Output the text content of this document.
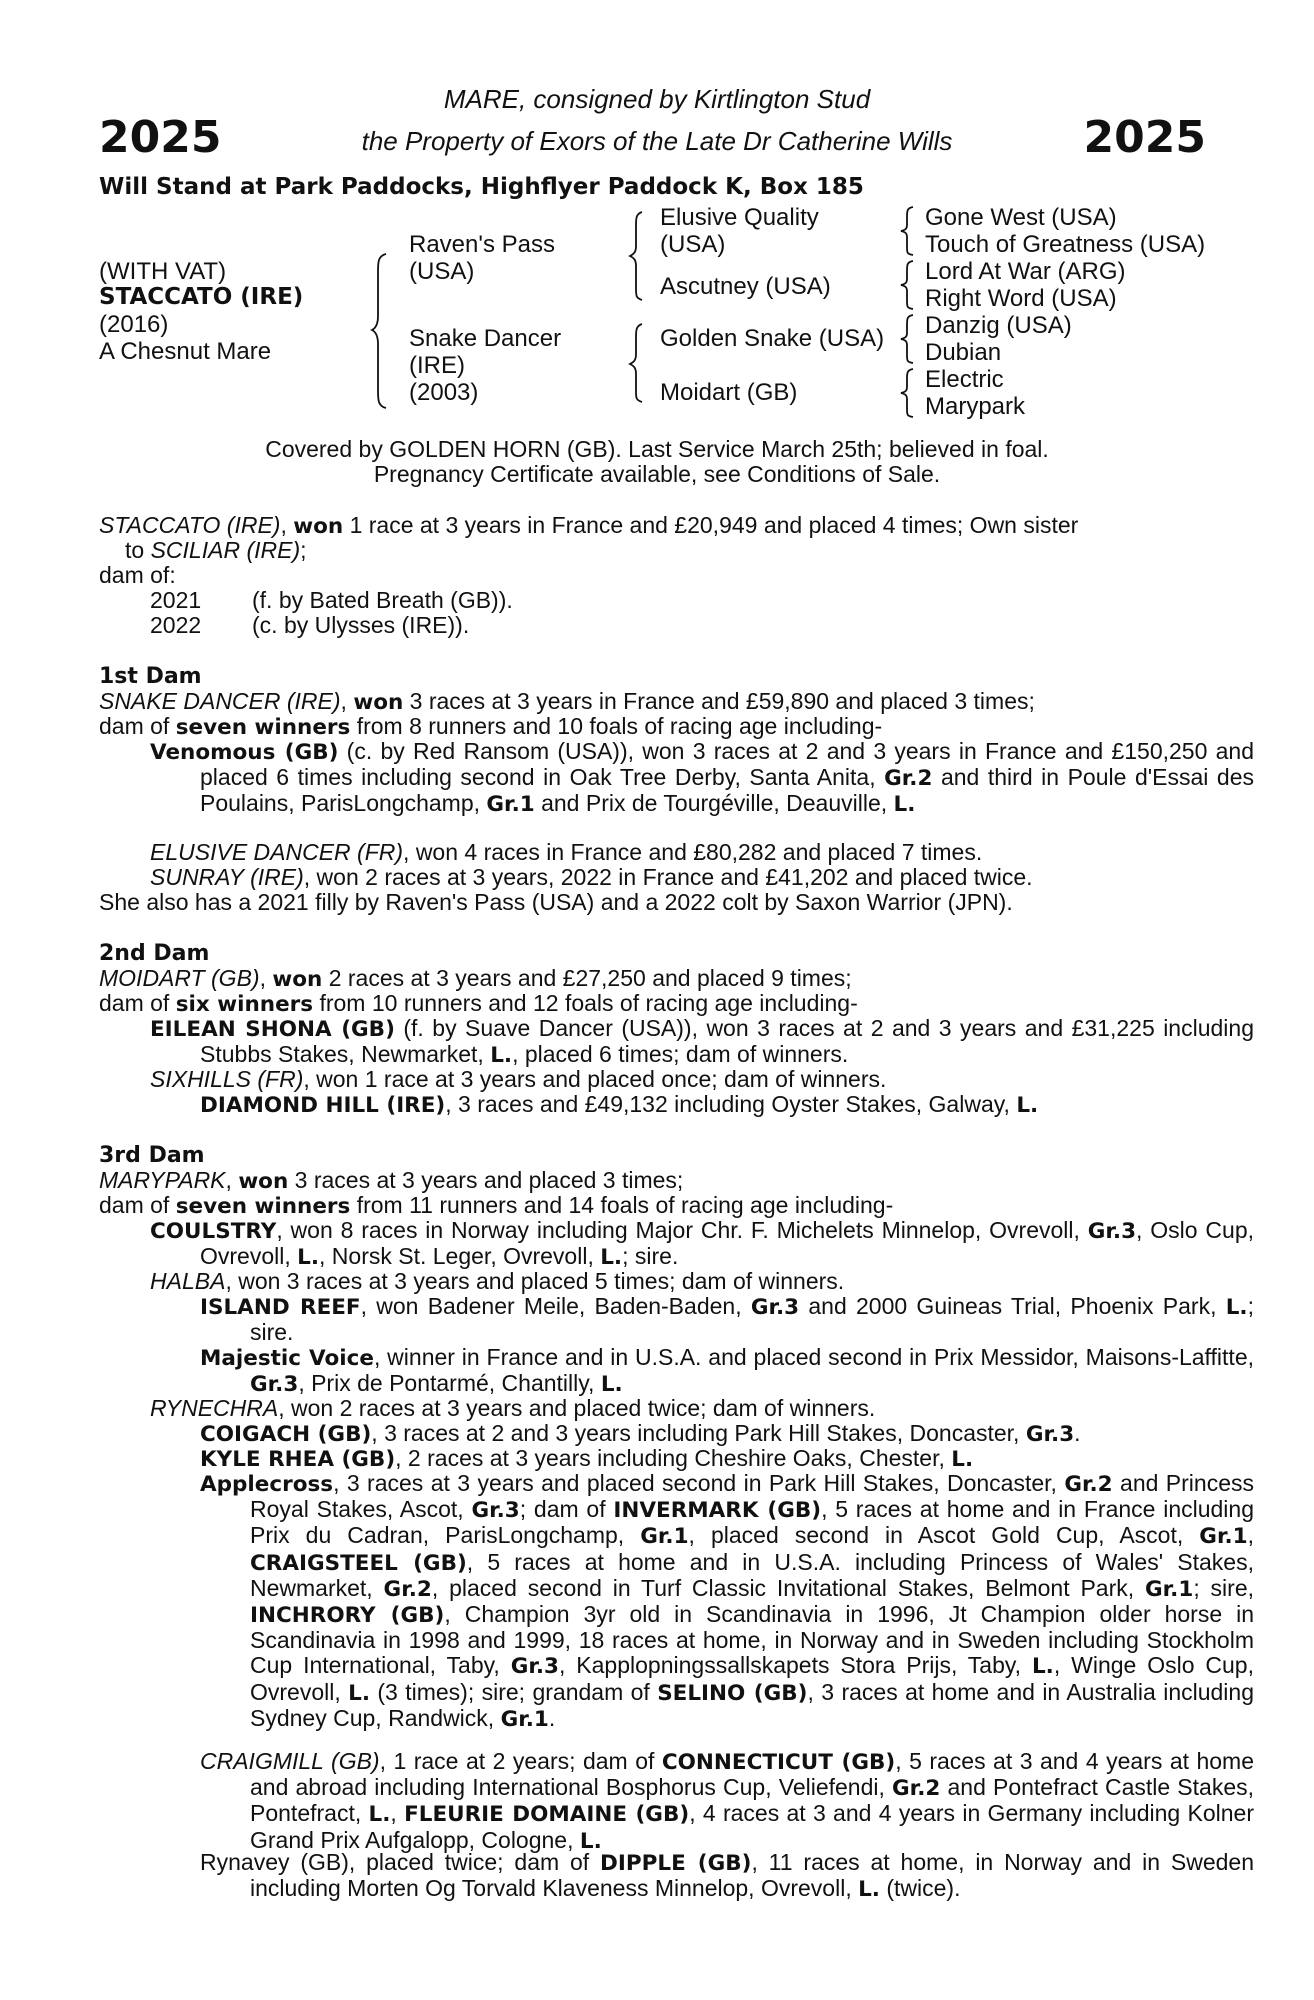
2025	2025
MARE, consigned by Kirtlington Stud
the Property of Exors of the Late Dr Catherine Wills
Will Stand at Park Paddocks, Highflyer Paddock K, Box 185
(WITH VAT)
STACCATO (IRE)
(2016)
A Chesnut Mare
Raven's Pass
(USA)
Snake Dancer
(IRE)
(2003)
Elusive Quality
(USA)
Ascutney (USA)
Golden Snake (USA)
Moidart (GB)
Gone West (USA)
Touch of Greatness (USA)
Lord At War (ARG)
Right Word (USA)
Danzig (USA)
Dubian
Electric
Marypark
Covered by GOLDEN HORN (GB). Last Service March 25th; believed in foal.
Pregnancy Certificate available, see Conditions of Sale.
STACCATO (IRE), won 1 race at 3 years in France and £20,949 and placed 4 times; Own sister
to SCILIAR (IRE);
dam of:
2021 (f. by Bated Breath (GB)).
2022 (c. by Ulysses (IRE)).
1st Dam
SNAKE DANCER (IRE), won 3 races at 3 years in France and £59,890 and placed 3 times;
dam of seven winners from 8 runners and 10 foals of racing age including-
Venomous (GB) (c. by Red Ransom (USA)), won 3 races at 2 and 3 years in France and £150,250 and placed 6 times including second in Oak Tree Derby, Santa Anita, Gr.2 and third in Poule d'Essai des Poulains, ParisLongchamp, Gr.1 and Prix de Tourgéville, Deauville, L.
ELUSIVE DANCER (FR), won 4 races in France and £80,282 and placed 7 times.
SUNRAY (IRE), won 2 races at 3 years, 2022 in France and £41,202 and placed twice.
She also has a 2021 filly by Raven's Pass (USA) and a 2022 colt by Saxon Warrior (JPN).
2nd Dam
MOIDART (GB), won 2 races at 3 years and £27,250 and placed 9 times;
dam of six winners from 10 runners and 12 foals of racing age including-
EILEAN SHONA (GB) (f. by Suave Dancer (USA)), won 3 races at 2 and 3 years and £31,225 including Stubbs Stakes, Newmarket, L., placed 6 times; dam of winners.
SIXHILLS (FR), won 1 race at 3 years and placed once; dam of winners.
DIAMOND HILL (IRE), 3 races and £49,132 including Oyster Stakes, Galway, L.
3rd Dam
MARYPARK, won 3 races at 3 years and placed 3 times;
dam of seven winners from 11 runners and 14 foals of racing age including-
COULSTRY, won 8 races in Norway including Major Chr. F. Michelets Minnelop, Ovrevoll, Gr.3, Oslo Cup, Ovrevoll, L., Norsk St. Leger, Ovrevoll, L.; sire.
HALBA, won 3 races at 3 years and placed 5 times; dam of winners.
ISLAND REEF, won Badener Meile, Baden-Baden, Gr.3 and 2000 Guineas Trial, Phoenix Park, L.; sire.
Majestic Voice, winner in France and in U.S.A. and placed second in Prix Messidor, Maisons-Laffitte, Gr.3, Prix de Pontarmé, Chantilly, L.
RYNECHRA, won 2 races at 3 years and placed twice; dam of winners.
COIGACH (GB), 3 races at 2 and 3 years including Park Hill Stakes, Doncaster, Gr.3.
KYLE RHEA (GB), 2 races at 3 years including Cheshire Oaks, Chester, L.
Applecross, 3 races at 3 years and placed second in Park Hill Stakes, Doncaster, Gr.2 and Princess Royal Stakes, Ascot, Gr.3; dam of INVERMARK (GB), 5 races at home and in France including Prix du Cadran, ParisLongchamp, Gr.1, placed second in Ascot Gold Cup, Ascot, Gr.1, CRAIGSTEEL (GB), 5 races at home and in U.S.A. including Princess of Wales' Stakes, Newmarket, Gr.2, placed second in Turf Classic Invitational Stakes, Belmont Park, Gr.1; sire, INCHRORY (GB), Champion 3yr old in Scandinavia in 1996, Jt Champion older horse in Scandinavia in 1998 and 1999, 18 races at home, in Norway and in Sweden including Stockholm Cup International, Taby, Gr.3, Kapplopningssallskapets Stora Prijs, Taby, L., Winge Oslo Cup, Ovrevoll, L. (3 times); sire; grandam of SELINO (GB), 3 races at home and in Australia including Sydney Cup, Randwick, Gr.1.
CRAIGMILL (GB), 1 race at 2 years; dam of CONNECTICUT (GB), 5 races at 3 and 4 years at home and abroad including International Bosphorus Cup, Veliefendi, Gr.2 and Pontefract Castle Stakes, Pontefract, L., FLEURIE DOMAINE (GB), 4 races at 3 and 4 years in Germany including Kolner Grand Prix Aufgalopp, Cologne, L.
Rynavey (GB), placed twice; dam of DIPPLE (GB), 11 races at home, in Norway and in Sweden including Morten Og Torvald Klaveness Minnelop, Ovrevoll, L. (twice).
